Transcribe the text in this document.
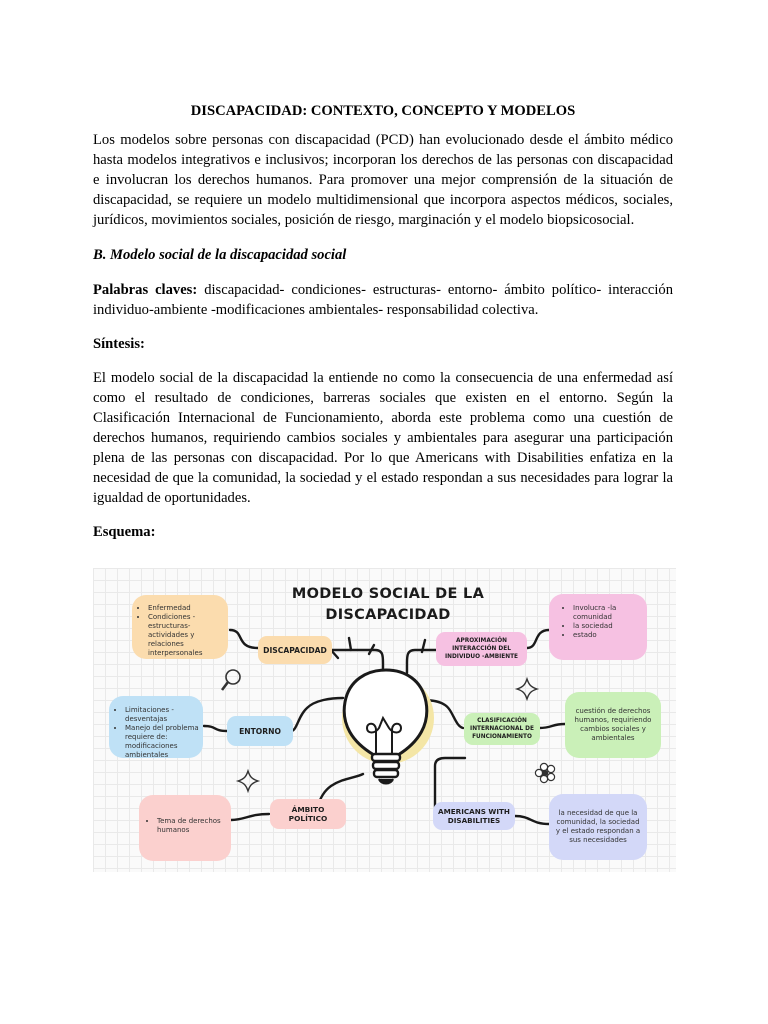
DISCAPACIDAD: CONTEXTO, CONCEPTO Y MODELOS

Los modelos sobre personas con discapacidad (PCD) han evolucionado desde el ámbito médico hasta modelos integrativos e inclusivos; incorporan los derechos de las personas con discapacidad e involucran los derechos humanos. Para promover una mejor comprensión de la situación de discapacidad, se requiere un modelo multidimensional que incorpora aspectos médicos, sociales, jurídicos, movimientos sociales, posición de riesgo, marginación y el modelo biopsicosocial.

B. Modelo social de la discapacidad social

Palabras claves: discapacidad- condiciones- estructuras- entorno- ámbito político- interacción individuo-ambiente -modificaciones ambientales- responsabilidad colectiva.

Síntesis:

El modelo social de la discapacidad la entiende no como la consecuencia de una enfermedad así como el resultado de condiciones, barreras sociales que existen en el entorno. Según la Clasificación Internacional de Funcionamiento, aborda este problema como una cuestión de derechos humanos, requiriendo cambios sociales y ambientales para asegurar una participación plena de las personas con discapacidad. Por lo que Americans with Disabilities enfatiza en la necesidad de que la comunidad, la sociedad y el estado respondan a sus necesidades para lograr la igualdad de oportunidades.

Esquema:

MODELO SOCIAL DE LA
DISCAPACIDAD
• Enfermedad
• Condiciones - estructuras- actividades y relaciones interpersonales
• Limitaciones - desventajas
• Manejo del problema requiere de: modificaciones ambientales
• Tema de derechos humanos
• Involucra -la comunidad
• la sociedad
• estado
cuestión de derechos humanos, requiriendo cambios sociales y ambientales
la necesidad de que la comunidad, la sociedad y el estado respondan a sus necesidades
DISCAPACIDAD
ENTORNO
ÁMBITO
POLÍTICO
APROXIMACIÓN
INTERACCIÓN DEL
INDIVIDUO -AMBIENTE
CLASIFICACIÓN
INTERNACIONAL DE
FUNCIONAMIENTO
AMERICANS WITH
DISABILITIES
